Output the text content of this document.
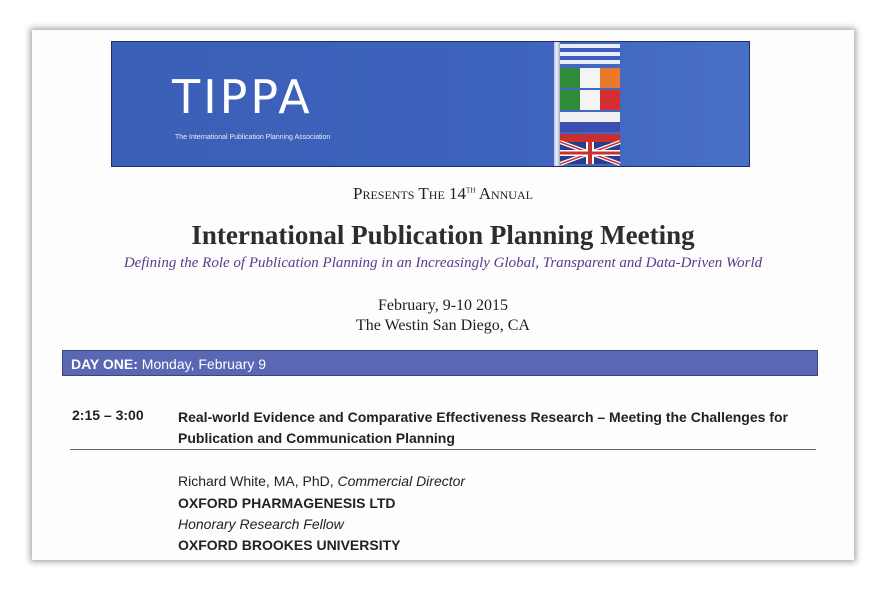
TIPPA
The International Publication Planning Association
Presents The 14th Annual
International Publication Planning Meeting
Defining the Role of Publication Planning in an Increasingly Global, Transparent and Data-Driven World
February, 9-10 2015
The Westin San Diego, CA
DAY ONE: Monday, February 9
2:15 – 3:00 Real-world Evidence and Comparative Effectiveness Research – Meeting the Challenges for Publication and Communication Planning
Richard White, MA, PhD, Commercial Director
OXFORD PHARMAGENESIS LTD
Honorary Research Fellow
OXFORD BROOKES UNIVERSITY
